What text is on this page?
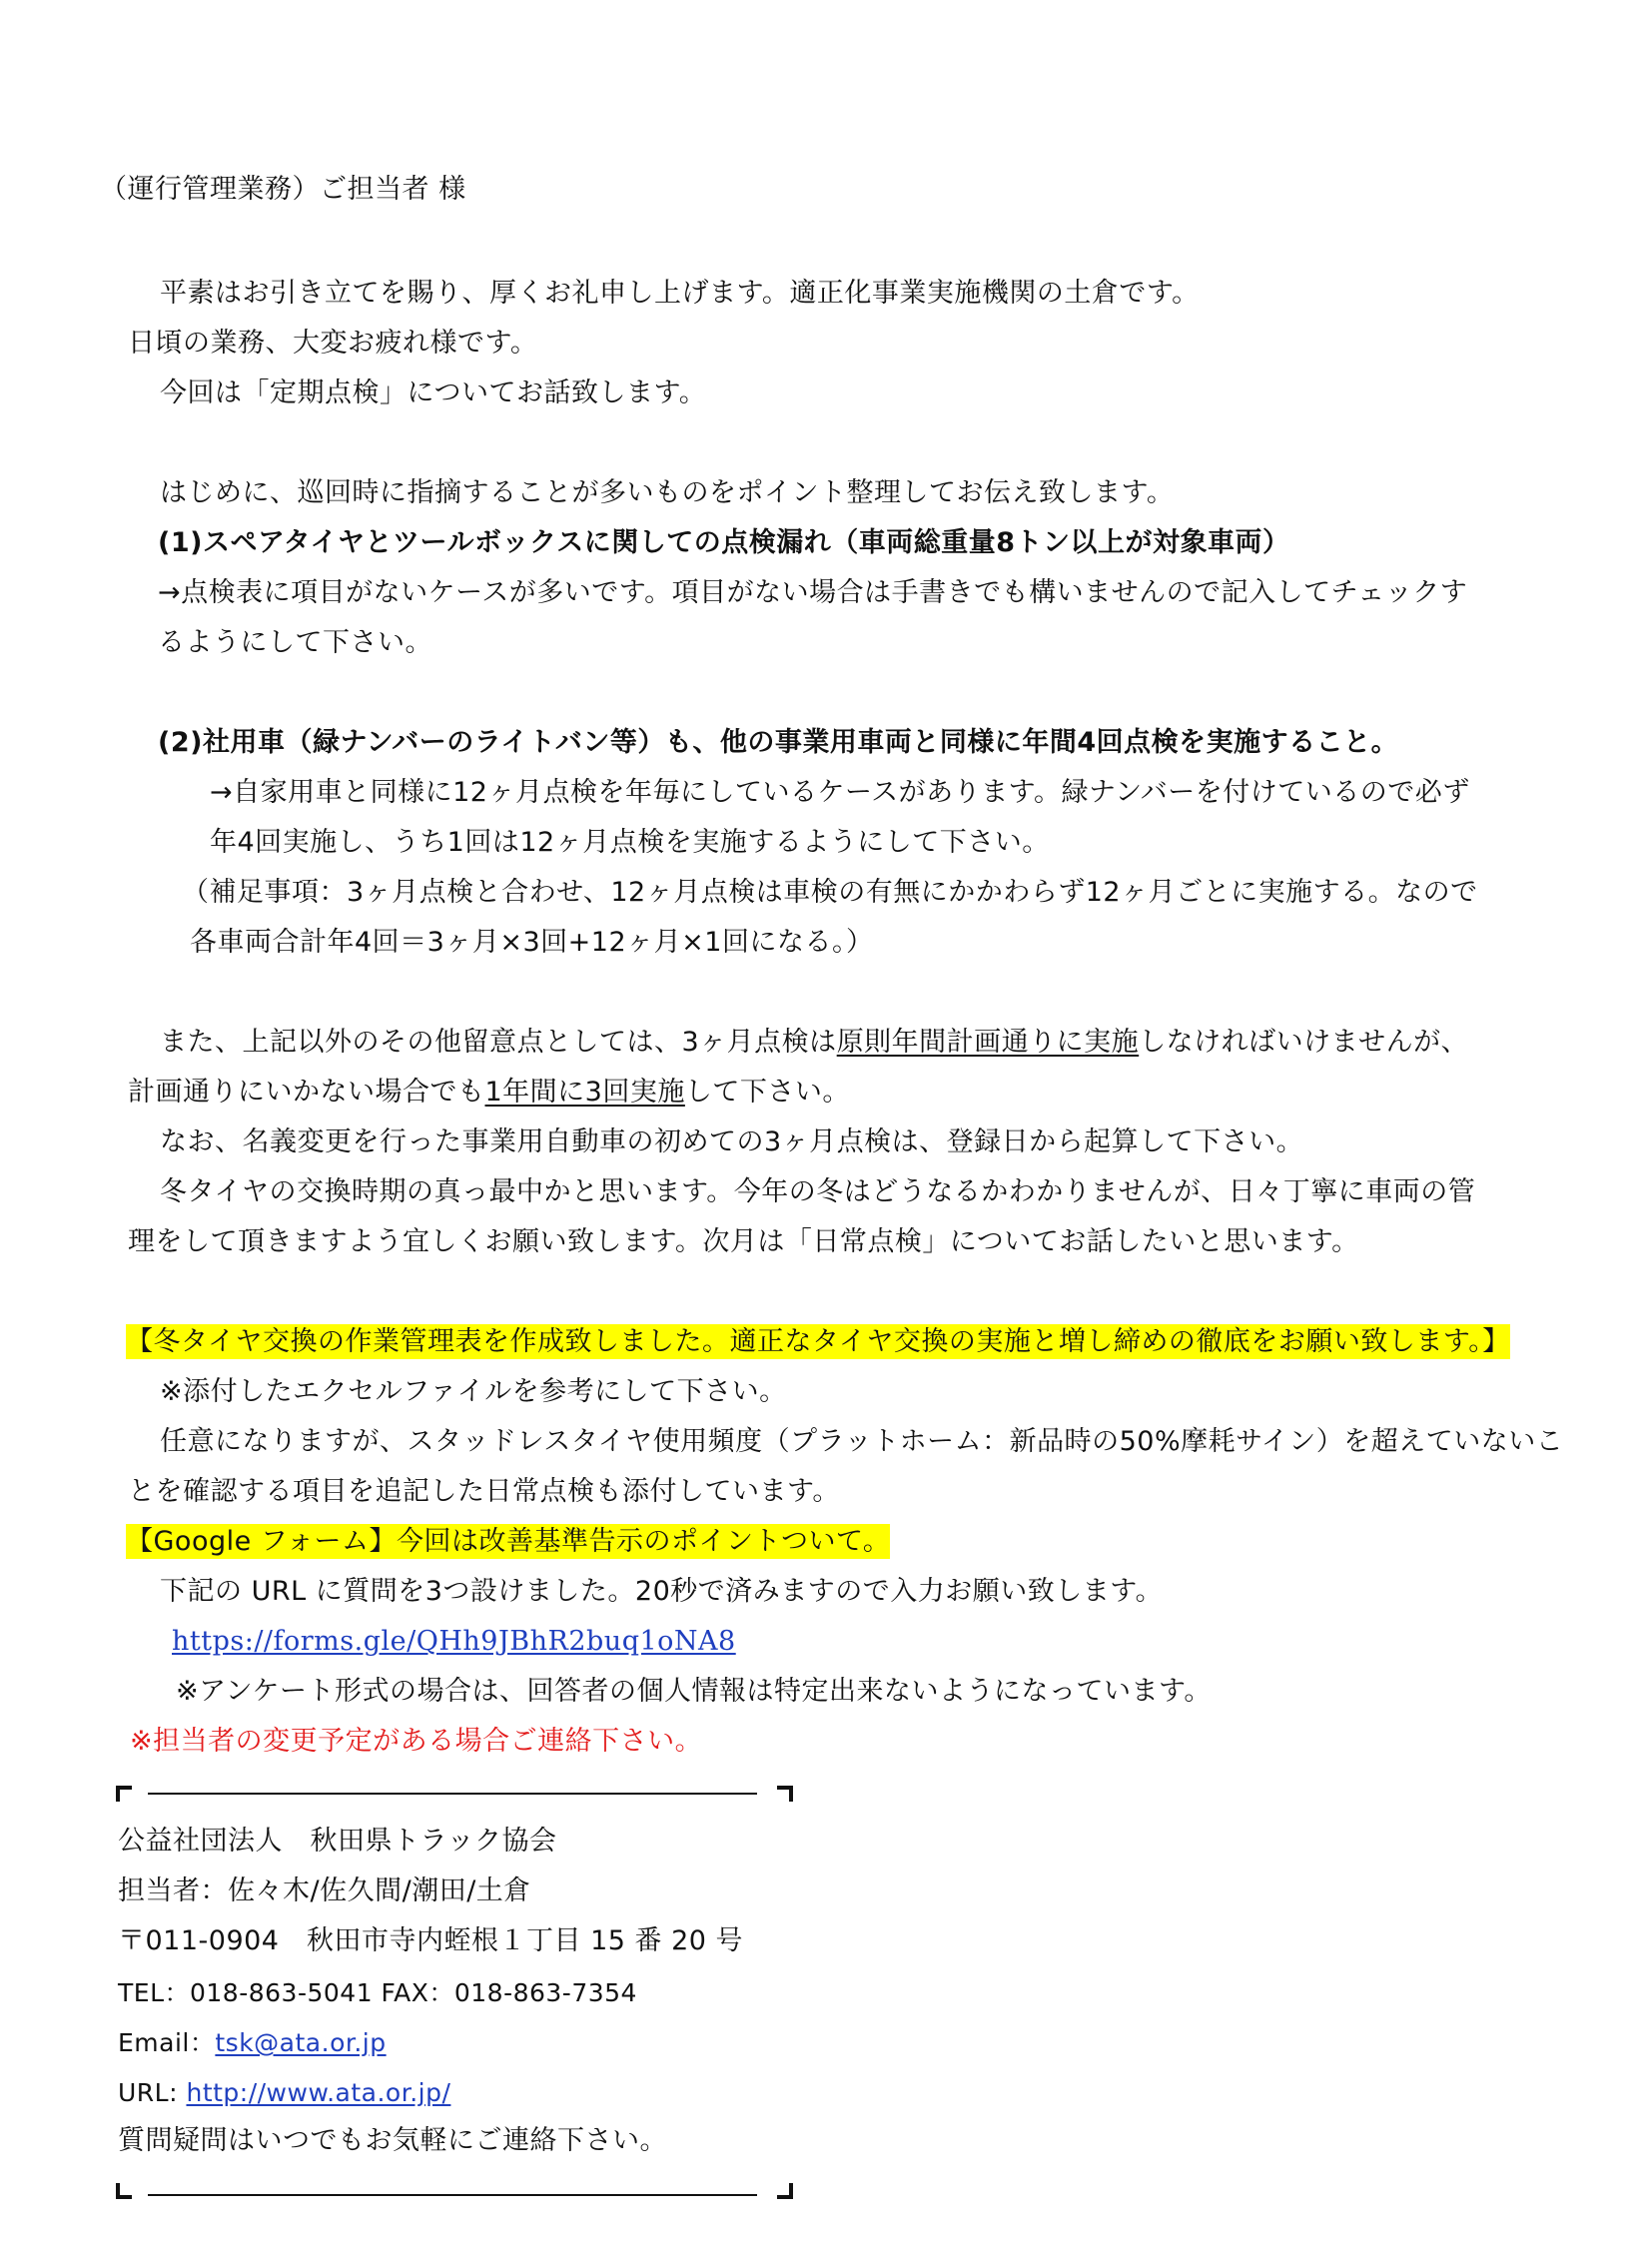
（運行管理業務）ご担当者 様
平素はお引き立てを賜り、厚くお礼申し上げます。適正化事業実施機関の土倉です。
日頃の業務、大変お疲れ様です。
今回は「定期点検」についてお話致します。
はじめに、巡回時に指摘することが多いものをポイント整理してお伝え致します。
(1)スペアタイヤとツールボックスに関しての点検漏れ（車両総重量8トン以上が対象車両）
→点検表に項目がないケースが多いです。項目がない場合は手書きでも構いませんので記入してチェックす
るようにして下さい。
(2)社用車（緑ナンバーのライトバン等）も、他の事業用車両と同様に年間4回点検を実施すること。
→自家用車と同様に12ヶ月点検を年毎にしているケースがあります。緑ナンバーを付けているので必ず
年4回実施し、うち1回は12ヶ月点検を実施するようにして下さい。
（補足事項：3ヶ月点検と合わせ、12ヶ月点検は車検の有無にかかわらず12ヶ月ごとに実施する。なので
各車両合計年4回＝3ヶ月×3回+12ヶ月×1回になる。）
また、上記以外のその他留意点としては、3ヶ月点検は原則年間計画通りに実施しなければいけませんが、
計画通りにいかない場合でも1年間に3回実施して下さい。
なお、名義変更を行った事業用自動車の初めての3ヶ月点検は、登録日から起算して下さい。
冬タイヤの交換時期の真っ最中かと思います。今年の冬はどうなるかわかりませんが、日々丁寧に車両の管
理をして頂きますよう宜しくお願い致します。次月は「日常点検」についてお話したいと思います。
【冬タイヤ交換の作業管理表を作成致しました。適正なタイヤ交換の実施と増し締めの徹底をお願い致します。】
※添付したエクセルファイルを参考にして下さい。
任意になりますが、スタッドレスタイヤ使用頻度（プラットホーム：新品時の50%摩耗サイン）を超えていないこ
とを確認する項目を追記した日常点検も添付しています。
【Google フォーム】今回は改善基準告示のポイントついて。
下記の URL に質問を3つ設けました。20秒で済みますので入力お願い致します。
https://forms.gle/QHh9JBhR2buq1oNA8
※アンケート形式の場合は、回答者の個人情報は特定出来ないようになっています。
※担当者の変更予定がある場合ご連絡下さい。
公益社団法人　秋田県トラック協会
担当者：佐々木/佐久間/潮田/土倉
〒011-0904　秋田市寺内蛭根１丁目 15 番 20 号
TEL：018-863-5041 FAX：018-863-7354
Email：tsk@ata.or.jp
URL: http://www.ata.or.jp/
質問疑問はいつでもお気軽にご連絡下さい。
